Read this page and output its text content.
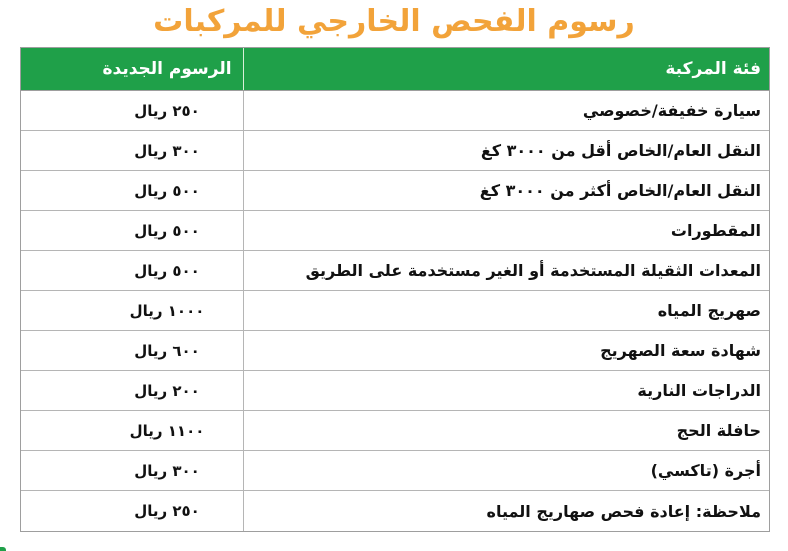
رسوم الفحص الخارجي للمركبات
فئة المركبة
الرسوم الجديدة
سيارة خفيفة/خصوصي
٢٥٠ ريال
النقل العام/الخاص أقل من ٣٠٠٠ كغ
٣٠٠ ريال
النقل العام/الخاص أكثر من ٣٠٠٠ كغ
٥٠٠ ريال
المقطورات
٥٠٠ ريال
المعدات الثقيلة المستخدمة أو الغير مستخدمة على الطريق
٥٠٠ ريال
صهريج المياه
١٠٠٠ ريال
شهادة سعة الصهريج
٦٠٠ ريال
الدراجات النارية
٢٠٠ ريال
حافلة الحج
١١٠٠ ريال
أجرة (تاكسي)
٣٠٠ ريال
ملاحظة: إعادة فحص صهاريج المياه
٢٥٠ ريال
